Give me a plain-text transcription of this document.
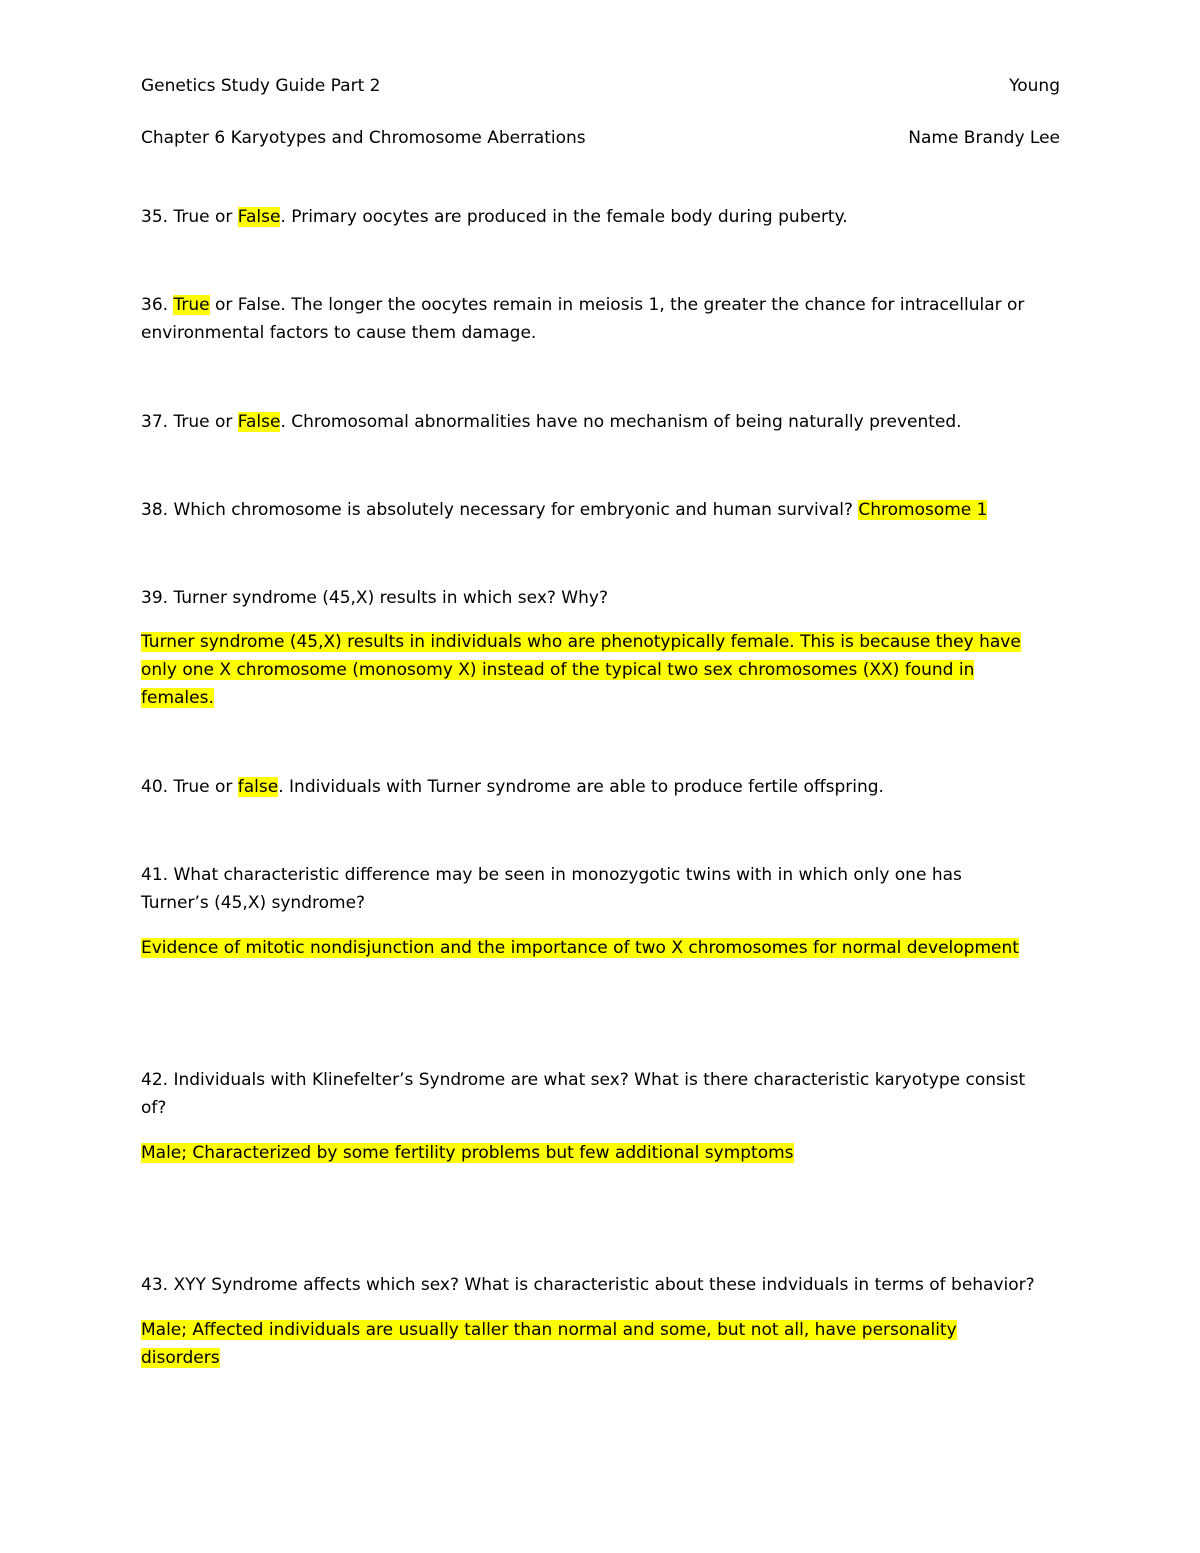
Genetics Study Guide Part 2	Young
Chapter 6 Karyotypes and Chromosome Aberrations	Name Brandy Lee
35. True or False. Primary oocytes are produced in the female body during puberty.
36. True or False. The longer the oocytes remain in meiosis 1, the greater the chance for intracellular or
environmental factors to cause them damage.
37. True or False. Chromosomal abnormalities have no mechanism of being naturally prevented.
38. Which chromosome is absolutely necessary for embryonic and human survival? Chromosome 1
39. Turner syndrome (45,X) results in which sex? Why?
Turner syndrome (45,X) results in individuals who are phenotypically female. This is because they have
only one X chromosome (monosomy X) instead of the typical two sex chromosomes (XX) found in
females.
40. True or false. Individuals with Turner syndrome are able to produce fertile offspring.
41. What characteristic difference may be seen in monozygotic twins with in which only one has
Turner’s (45,X) syndrome?
Evidence of mitotic nondisjunction and the importance of two X chromosomes for normal development
42. Individuals with Klinefelter’s Syndrome are what sex? What is there characteristic karyotype consist
of?
Male; Characterized by some fertility problems but few additional symptoms
43. XYY Syndrome affects which sex? What is characteristic about these indviduals in terms of behavior?
Male; Affected individuals are usually taller than normal and some, but not all, have personality
disorders
